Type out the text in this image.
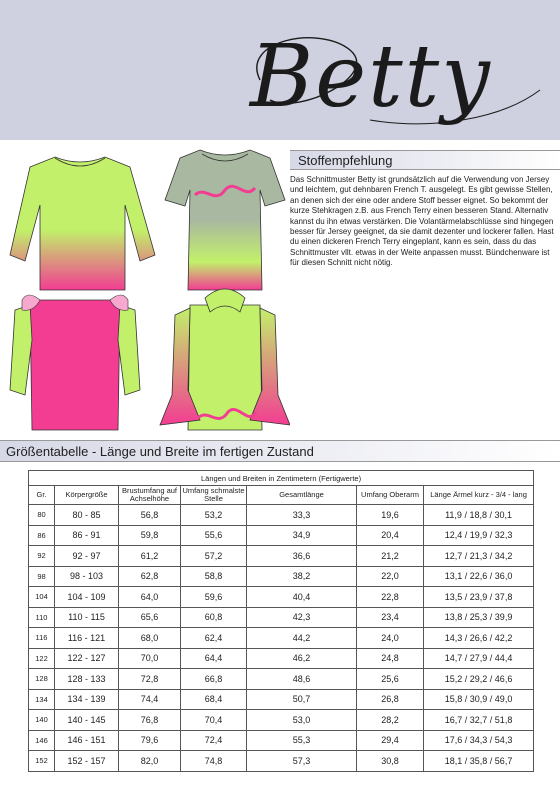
Betty
Stoffempfehlung
Das Schnittmuster Betty ist grundsätzlich auf die Verwendung von Jersey und leichtem, gut dehnbaren French T. ausgelegt. Es gibt gewisse Stellen, an denen sich der eine oder andere Stoff besser eignet. So bekommt der kurze Stehkragen z.B. aus French Terry einen besseren Stand. Alternativ kannst du ihn etwas verstärken. Die Volantärmelabschlüsse sind hingegen besser für Jersey geeignet, da sie damit dezenter und lockerer fallen. Hast du einen dickeren French Terry eingeplant, kann es sein, dass du das Schnittmuster vllt. etwas in der Weite anpassen musst. Bündchenware ist für diesen Schnitt nicht nötig.
Größentabelle - Länge und Breite im fertigen Zustand
Längen und Breiten in Zentimetern (Fertigwerte)						
Gr.	Körpergröße	Brustumfang auf Achselhöhe	Umfang schmalste Stelle	Gesamtlänge	Umfang Oberarm	Länge Ärmel kurz - 3/4 - lang
80	80 - 85	56,8	53,2	33,3	19,6	11,9 / 18,8 / 30,1
86	86 - 91	59,8	55,6	34,9	20,4	12,4 / 19,9 / 32,3
92	92 - 97	61,2	57,2	36,6	21,2	12,7 / 21,3 / 34,2
98	98 - 103	62,8	58,8	38,2	22,0	13,1 / 22,6 / 36,0
104	104 - 109	64,0	59,6	40,4	22,8	13,5 / 23,9 / 37,8
110	110 - 115	65,6	60,8	42,3	23,4	13,8 / 25,3 / 39,9
116	116 - 121	68,0	62,4	44,2	24,0	14,3 / 26,6 / 42,2
122	122 - 127	70,0	64,4	46,2	24,8	14,7 / 27,9 / 44,4
128	128 - 133	72,8	66,8	48,6	25,6	15,2 / 29,2 / 46,6
134	134 - 139	74,4	68,4	50,7	26,8	15,8 / 30,9 / 49,0
140	140 - 145	76,8	70,4	53,0	28,2	16,7 / 32,7 / 51,8
146	146 - 151	79,6	72,4	55,3	29,4	17,6 / 34,3 / 54,3
152	152 - 157	82,0	74,8	57,3	30,8	18,1 / 35,8 / 56,7
